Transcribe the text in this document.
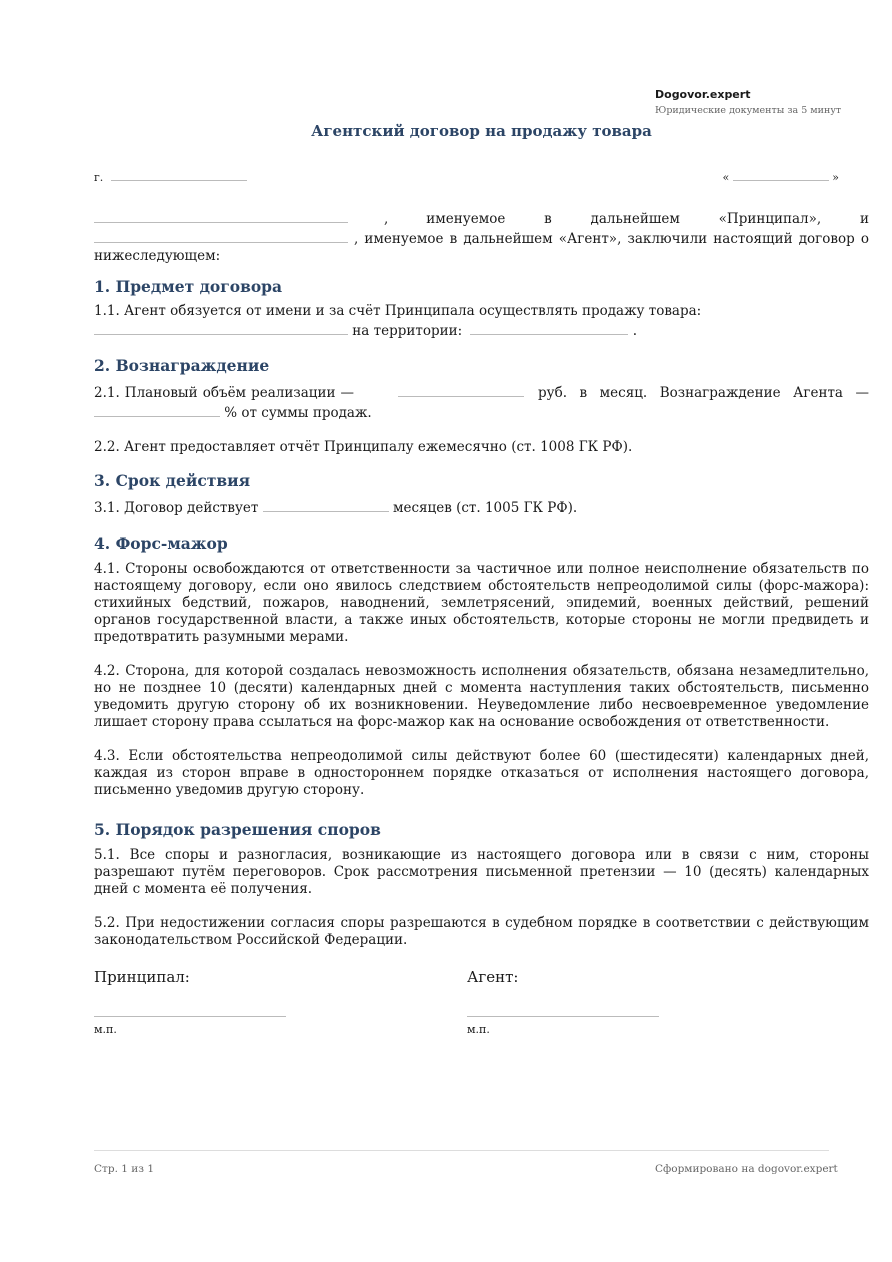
Dogovor.expert
Юридические документы за 5 минут
Агентский договор на продажу товара
г.	«	»
,	именуемое в дальнейшем «Принципал», и
, именуемое в дальнейшем «Агент», заключили настоящий договор о
нижеследующем:
1. Предмет договора
1.1. Агент обязуется от имени и за счёт Принципала осуществлять продажу товара:
на территории:	.
2. Вознаграждение
2.1. Плановый объём реализации —	руб. в месяц. Вознаграждение Агента —
% от суммы продаж.
2.2. Агент предоставляет отчёт Принципалу ежемесячно (ст. 1008 ГК РФ).
3. Срок действия
3.1. Договор действует	месяцев (ст. 1005 ГК РФ).
4. Форс-мажор
4.1. Стороны освобождаются от ответственности за частичное или полное неисполнение обязательств по настоящему договору, если оно явилось следствием обстоятельств непреодолимой силы (форс-мажора): стихийных бедствий, пожаров, наводнений, землетрясений, эпидемий, военных действий, решений органов государственной власти, а также иных обстоятельств, которые стороны не могли предвидеть и предотвратить разумными мерами.
4.2. Сторона, для которой создалась невозможность исполнения обязательств, обязана незамедлительно, но не позднее 10 (десяти) календарных дней с момента наступления таких обстоятельств, письменно уведомить другую сторону об их возникновении. Неуведомление либо несвоевременное уведомление лишает сторону права ссылаться на форс-мажор как на основание освобождения от ответственности.
4.3. Если обстоятельства непреодолимой силы действуют более 60 (шестидесяти) календарных дней, каждая из сторон вправе в одностороннем порядке отказаться от исполнения настоящего договора, письменно уведомив другую сторону.
5. Порядок разрешения споров
5.1. Все споры и разногласия, возникающие из настоящего договора или в связи с ним, стороны разрешают путём переговоров. Срок рассмотрения письменной претензии — 10 (десять) календарных дней с момента её получения.
5.2. При недостижении согласия споры разрешаются в судебном порядке в соответствии с действующим законодательством Российской Федерации.
Принципал:
м.п.
Агент:
м.п.
Стр. 1 из 1	Сформировано на dogovor.expert
